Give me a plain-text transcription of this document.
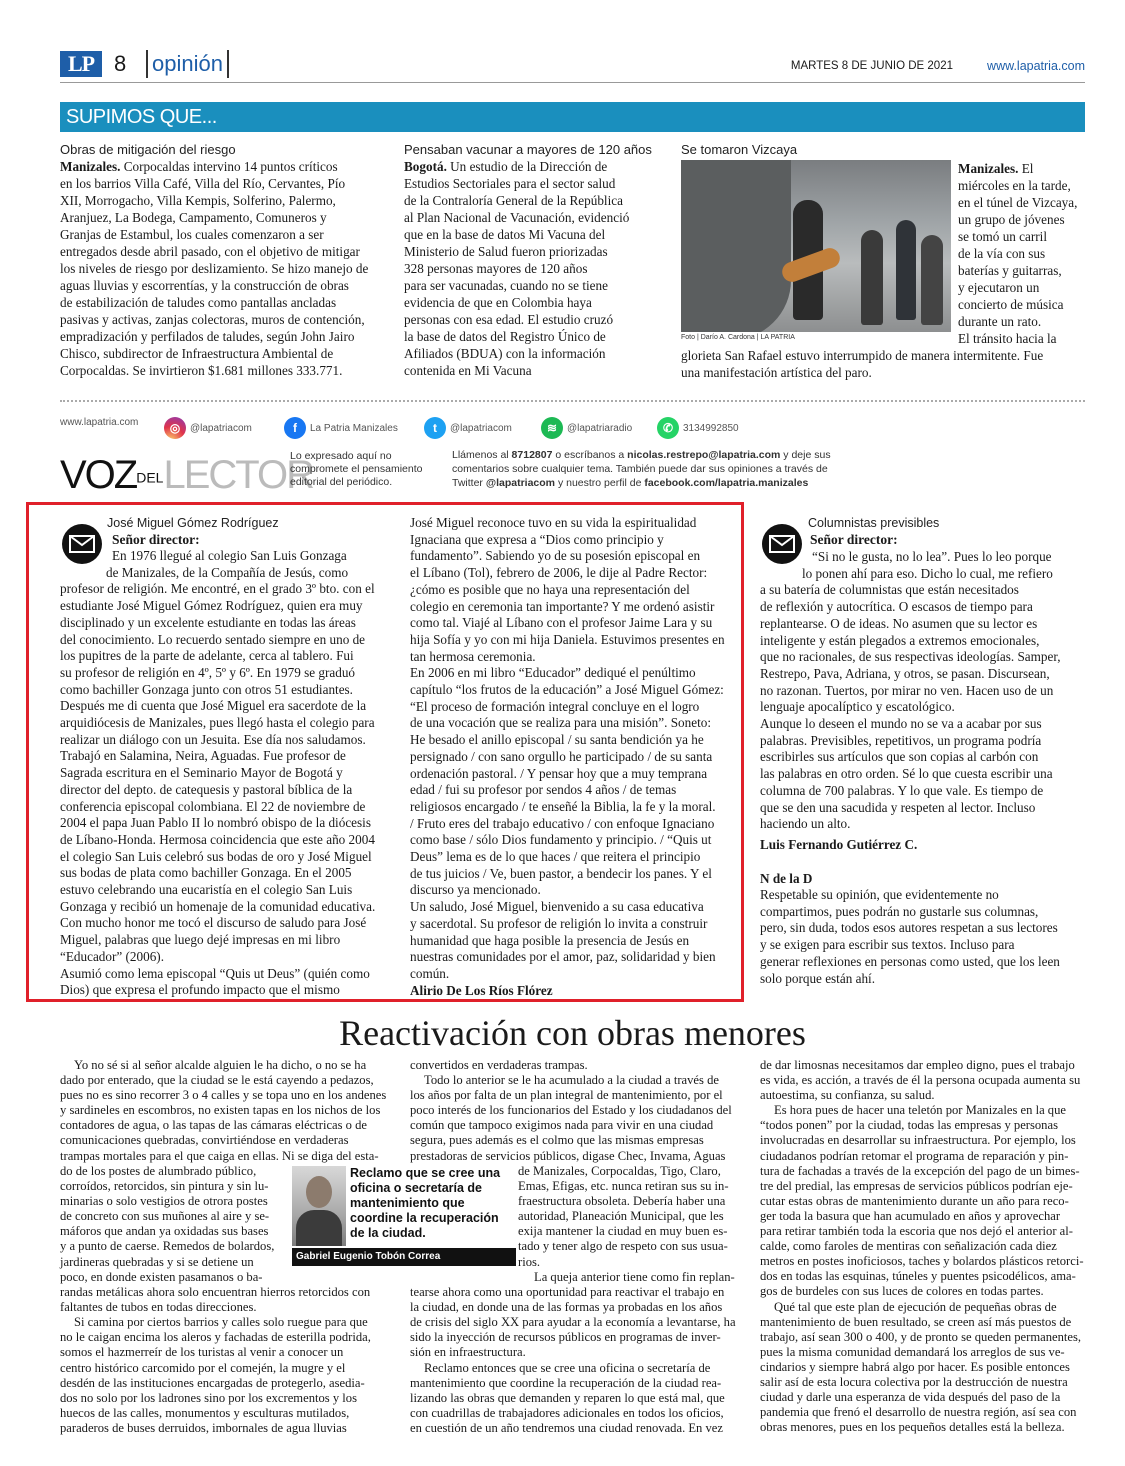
LP 8 opinión	MARTES 8 DE JUNIO DE 2021	www.lapatria.com
SUPIMOS QUE...
Obras de mitigación del riesgo
Manizales. Corpocaldas intervino 14 puntos críticos
en los barrios Villa Café, Villa del Río, Cervantes, Pío
XII, Morrogacho, Villa Kempis, Solferino, Palermo,
Aranjuez, La Bodega, Campamento, Comuneros y
Granjas de Estambul, los cuales comenzaron a ser
entregados desde abril pasado, con el objetivo de mitigar
los niveles de riesgo por deslizamiento. Se hizo manejo de
aguas lluvias y escorrentías, y la construcción de obras
de estabilización de taludes como pantallas ancladas
pasivas y activas, zanjas colectoras, muros de contención,
empradización y perfilados de taludes, según John Jairo
Chisco, subdirector de Infraestructura Ambiental de
Corpocaldas. Se invirtieron $1.681 millones 333.771.
Pensaban vacunar a mayores de 120 años
Bogotá. Un estudio de la Dirección de
Estudios Sectoriales para el sector salud
de la Contraloría General de la República
al Plan Nacional de Vacunación, evidenció
que en la base de datos Mi Vacuna del
Ministerio de Salud fueron priorizadas
328 personas mayores de 120 años
para ser vacunadas, cuando no se tiene
evidencia de que en Colombia haya
personas con esa edad. El estudio cruzó
la base de datos del Registro Único de
Afiliados (BDUA) con la información
contenida en Mi Vacuna
Se tomaron Vizcaya
Foto | Darío A. Cardona | LA PATRIA
Manizales. El
miércoles en la tarde,
en el túnel de Vizcaya,
un grupo de jóvenes
se tomó un carril
de la vía con sus
baterías y guitarras,
y ejecutaron un
concierto de música
durante un rato.
El tránsito hacia la
glorieta San Rafael estuvo interrumpido de manera intermitente. Fue
una manifestación artística del paro.
www.lapatria.com	◎ @lapatriacom	f	La Patria Manizales	t	@lapatriacom	≋ @lapatriaradio	✆ 3134992850
VOZDELLECTOR
Lo expresado aquí no
compromete el pensamiento
editorial del periódico.
Llámenos al 8712807 o escríbanos a nicolas.restrepo@lapatria.com y deje sus
comentarios sobre cualquier tema. También puede dar sus opiniones a través de
Twitter @lapatriacom y nuestro perfil de facebook.com/lapatria.manizales
José Miguel Gómez Rodríguez
Señor director:
En 1976 llegué al colegio San Luis Gonzaga
de Manizales, de la Compañía de Jesús, como
profesor de religión. Me encontré, en el grado 3º bto. con el
estudiante José Miguel Gómez Rodríguez, quien era muy
disciplinado y un excelente estudiante en todas las áreas
del conocimiento. Lo recuerdo sentado siempre en uno de
los pupitres de la parte de adelante, cerca al tablero. Fui
su profesor de religión en 4º, 5º y 6º. En 1979 se graduó
como bachiller Gonzaga junto con otros 51 estudiantes.
Después me di cuenta que José Miguel era sacerdote de la
arquidiócesis de Manizales, pues llegó hasta el colegio para
realizar un diálogo con un Jesuita. Ese día nos saludamos.
Trabajó en Salamina, Neira, Aguadas. Fue profesor de
Sagrada escritura en el Seminario Mayor de Bogotá y
director del depto. de catequesis y pastoral bíblica de la
conferencia episcopal colombiana. El 22 de noviembre de
2004 el papa Juan Pablo II lo nombró obispo de la diócesis
de Líbano-Honda. Hermosa coincidencia que este año 2004
el colegio San Luis celebró sus bodas de oro y José Miguel
sus bodas de plata como bachiller Gonzaga. En el 2005
estuvo celebrando una eucaristía en el colegio San Luis
Gonzaga y recibió un homenaje de la comunidad educativa.
Con mucho honor me tocó el discurso de saludo para José
Miguel, palabras que luego dejé impresas en mi libro
“Educador” (2006).
Asumió como lema episcopal “Quis ut Deus” (quién como
Dios) que expresa el profundo impacto que el mismo
José Miguel reconoce tuvo en su vida la espiritualidad
Ignaciana que expresa a “Dios como principio y
fundamento”. Sabiendo yo de su posesión episcopal en
el Líbano (Tol), febrero de 2006, le dije al Padre Rector:
¿cómo es posible que no haya una representación del
colegio en ceremonia tan importante? Y me ordenó asistir
como tal. Viajé al Líbano con el profesor Jaime Lara y su
hija Sofía y yo con mi hija Daniela. Estuvimos presentes en
tan hermosa ceremonia.
En 2006 en mi libro “Educador” dediqué el penúltimo
capítulo “los frutos de la educación” a José Miguel Gómez:
“El proceso de formación integral concluye en el logro
de una vocación que se realiza para una misión”. Soneto:
He besado el anillo episcopal / su santa bendición ya he
persignado / con sano orgullo he participado / de su santa
ordenación pastoral. / Y pensar hoy que a muy temprana
edad / fui su profesor por sendos 4 años / de temas
religiosos encargado / te enseñé la Biblia, la fe y la moral.
/ Fruto eres del trabajo educativo / con enfoque Ignaciano
como base / sólo Dios fundamento y principio. / “Quis ut
Deus” lema es de lo que haces / que reitera el principio
de tus juicios / Ve, buen pastor, a bendecir los panes. Y el
discurso ya mencionado.
Un saludo, José Miguel, bienvenido a su casa educativa
y sacerdotal. Su profesor de religión lo invita a construir
humanidad que haga posible la presencia de Jesús en
nuestras comunidades por el amor, paz, solidaridad y bien
común.
Alirio De Los Ríos Flórez
Columnistas previsibles
Señor director:
“Si no le gusta, no lo lea”. Pues lo leo porque
lo ponen ahí para eso. Dicho lo cual, me refiero
a su batería de columnistas que están necesitados
de reflexión y autocrítica. O escasos de tiempo para
replantearse. O de ideas. No asumen que su lector es
inteligente y están plegados a extremos emocionales,
que no racionales, de sus respectivas ideologías. Samper,
Restrepo, Pava, Adriana, y otros, se pasan. Discursean,
no razonan. Tuertos, por mirar no ven. Hacen uso de un
lenguaje apocalíptico y escatológico.
Aunque lo deseen el mundo no se va a acabar por sus
palabras. Previsibles, repetitivos, un programa podría
escribirles sus artículos que son copias al carbón con
las palabras en otro orden. Sé lo que cuesta escribir una
columna de 700 palabras. Y lo que vale. Es tiempo de
que se den una sacudida y respeten al lector. Incluso
haciendo un alto.
Luis Fernando Gutiérrez C.
N de la D
Respetable su opinión, que evidentemente no
compartimos, pues podrán no gustarle sus columnas,
pero, sin duda, todos esos autores respetan a sus lectores
y se exigen para escribir sus textos. Incluso para
generar reflexiones en personas como usted, que los leen
solo porque están ahí.
Reactivación con obras menores
Yo no sé si al señor alcalde alguien le ha dicho, o no se ha
dado por enterado, que la ciudad se le está cayendo a pedazos,
pues no es sino recorrer 3 o 4 calles y se topa uno en los andenes
y sardineles en escombros, no existen tapas en los nichos de los
contadores de agua, o las tapas de las cámaras eléctricas o de
comunicaciones quebradas, convirtiéndose en verdaderas
trampas mortales para el que caiga en ellas. Ni se diga del esta-
do de los postes de alumbrado público,
corroídos, retorcidos, sin pintura y sin lu-
minarias o solo vestigios de otrora postes
de concreto con sus muñones al aire y se-
máforos que andan ya oxidadas sus bases
y a punto de caerse. Remedos de bolardos,
jardineras quebradas y si se detiene un
poco, en donde existen pasamanos o ba-
randas metálicas ahora solo encuentran hierros retorcidos con
faltantes de tubos en todas direcciones.
Si camina por ciertos barrios y calles solo ruegue para que
no le caigan encima los aleros y fachadas de esterilla podrida,
somos el hazmerreír de los turistas al venir a conocer un
centro histórico carcomido por el comején, la mugre y el
desdén de las instituciones encargadas de protegerlo, asedia-
dos no solo por los ladrones sino por los excrementos y los
huecos de las calles, monumentos y esculturas mutilados,
paraderos de buses derruidos, imbornales de agua lluvias
Reclamo que se cree una oficina o secretaría de mantenimiento que coordine la recuperación de la ciudad.
Gabriel Eugenio Tobón Correa
convertidos en verdaderas trampas.
Todo lo anterior se le ha acumulado a la ciudad a través de
los años por falta de un plan integral de mantenimiento, por el
poco interés de los funcionarios del Estado y los ciudadanos del
común que tampoco exigimos nada para vivir en una ciudad
segura, pues además es el colmo que las mismas empresas
prestadoras de servicios públicos, digase Chec, Invama, Aguas
de Manizales, Corpocaldas, Tigo, Claro,
Emas, Efigas, etc. nunca retiran sus su in-
fraestructura obsoleta. Debería haber una
autoridad, Planeación Municipal, que les
exija mantener la ciudad en muy buen es-
tado y tener algo de respeto con sus usua-
rios.
La queja anterior tiene como fin replan-
tearse ahora como una oportunidad para reactivar el trabajo en
la ciudad, en donde una de las formas ya probadas en los años
de crisis del siglo XX para ayudar a la economía a levantarse, ha
sido la inyección de recursos públicos en programas de inver-
sión en infraestructura.
Reclamo entonces que se cree una oficina o secretaría de
mantenimiento que coordine la recuperación de la ciudad rea-
lizando las obras que demanden y reparen lo que está mal, que
con cuadrillas de trabajadores adicionales en todos los oficios,
en cuestión de un año tendremos una ciudad renovada. En vez
de dar limosnas necesitamos dar empleo digno, pues el trabajo
es vida, es acción, a través de él la persona ocupada aumenta su
autoestima, su confianza, su salud.
Es hora pues de hacer una teletón por Manizales en la que
“todos ponen” por la ciudad, todas las empresas y personas
involucradas en desarrollar su infraestructura. Por ejemplo, los
ciudadanos podrían retomar el programa de reparación y pin-
tura de fachadas a través de la excepción del pago de un bimes-
tre del predial, las empresas de servicios públicos podrían eje-
cutar estas obras de mantenimiento durante un año para reco-
ger toda la basura que han acumulado en años y aprovechar
para retirar también toda la escoria que nos dejó el anterior al-
calde, como faroles de mentiras con señalización cada diez
metros en postes inoficiosos, taches y bolardos plásticos retorci-
dos en todas las esquinas, túneles y puentes psicodélicos, ama-
gos de burdeles con sus luces de colores en todas partes.
Qué tal que este plan de ejecución de pequeñas obras de
mantenimiento de buen resultado, se creen así más puestos de
trabajo, así sean 300 o 400, y de pronto se queden permanentes,
pues la misma comunidad demandará los arreglos de sus ve-
cindarios y siempre habrá algo por hacer. Es posible entonces
salir así de esta locura colectiva por la destrucción de nuestra
ciudad y darle una esperanza de vida después del paso de la
pandemia que frenó el desarrollo de nuestra región, así sea con
obras menores, pues en los pequeños detalles está la belleza.
